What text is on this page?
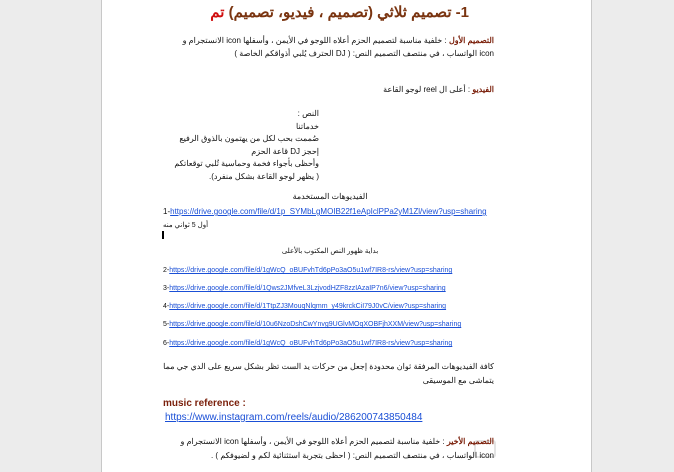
1- تصميم ثلاثي (تصميم ، فيديو، تصميم) تم
التصميم الأول : خلفية مناسبة لتصميم الحزم أعلاه اللوجو في الأيمن ، وأسفلها icon الانستجرام و
icon الواتساب ، في منتصف التصميم النص: ( DJ الحترف يُلبي أذواقكم الخاصة )
الفيديو : أعلى ال reel لوجو القاعة
النص :
خدماتنا
صُممت بحب لكل من يهتمون بالذوق الرفيع
إحجز DJ قاعة الحزم
وأحظى بأجواء فخمة وحماسية تُلبي توقعاتكم
( يظهر لوجو القاعة بشكل منفرد).
الفيديوهات المستخدمة
1-https://drive.google.com/file/d/1p_SYMbLgMOIB22f1eApIclPPa2yM1Zl/view?usp=sharing
أول 5 ثواني منه
بداية ظهور النص المكتوب بالأعلى
2-https://drive.google.com/file/d/1gWcQ_oBUFvhTd6pPo3aO5u1wf7IR8-rs/view?usp=sharing
3-https://drive.google.com/file/d/1Qws2JMfveL3LzjvodHZF8zzIAzaIP7n6/view?usp=sharing
4-https://drive.google.com/file/d/1TtpZJ3MouqNlqmm_y49krckCiI79J0vC/view?usp=sharing
5-https://drive.google.com/file/d/10u6NzoDshCwYnvg9UGlvMOqXOBFjhXXM/view?usp=sharing
6-https://drive.google.com/file/d/1gWcQ_oBUFvhTd6pPo3aO5u1wf7IR8-rs/view?usp=sharing
كافة الفيديوهات المرفقة ثوان محدودة إجعل من حركات يد الست تظر بشكل سريع على الدي جي مما
يتماشى مع الموسيقى
music reference :
https://www.instagram.com/reels/audio/286200743850484
التصميم الأخير : خلفية مناسبة لتصميم الحزم أعلاه اللوجو في الأيمن ، وأسفلها icon الانستجرام و
icon الواتساب ، في منتصف التصميم النص: ( احظى بتجربة استثنائية لكم و لضيوفكم ) .
